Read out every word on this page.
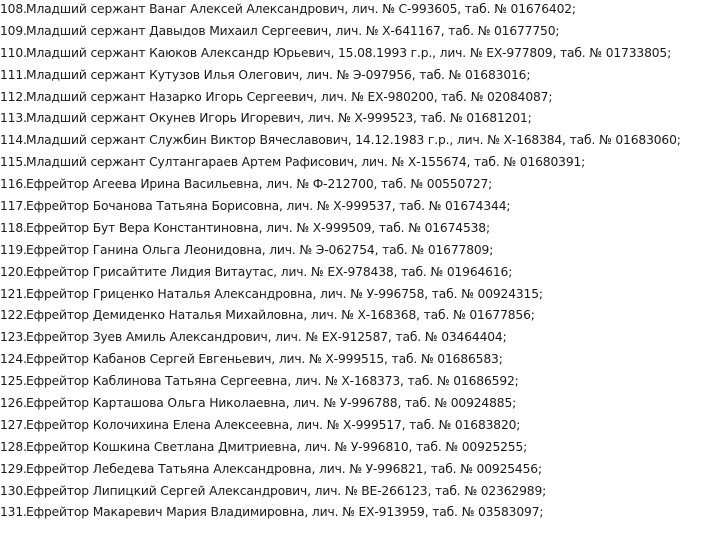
108. Младший сержант Ванаг Алексей Александрович, лич. № С-993605, таб. № 01676402;
109. Младший сержант Давыдов Михаил Сергеевич, лич. № Х-641167, таб. № 01677750;
110. Младший сержант Каюков Александр Юрьевич, 15.08.1993 г.р., лич. № ЕХ-977809, таб. № 01733805;
111. Младший сержант Кутузов Илья Олегович, лич. № Э-097956, таб. № 01683016;
112. Младший сержант Назарко Игорь Сергеевич, лич. № ЕХ-980200, таб. № 02084087;
113. Младший сержант Окунев Игорь Игоревич, лич. № Х-999523, таб. № 01681201;
114. Младший сержант Службин Виктор Вячеславович, 14.12.1983 г.р., лич. № Х-168384, таб. № 01683060;
115. Младший сержант Султангараев Артем Рафисович, лич. № Х-155674, таб. № 01680391;
116. Ефрейтор Агеева Ирина Васильевна, лич. № Ф-212700, таб. № 00550727;
117. Ефрейтор Бочанова Татьяна Борисовна, лич. № Х-999537, таб. № 01674344;
118. Ефрейтор Бут Вера Константиновна, лич. № Х-999509, таб. № 01674538;
119. Ефрейтор Ганина Ольга Леонидовна, лич. № Э-062754, таб. № 01677809;
120. Ефрейтор Грисайтите Лидия Витаутас, лич. № ЕХ-978438, таб. № 01964616;
121. Ефрейтор Гриценко Наталья Александровна, лич. № У-996758, таб. № 00924315;
122. Ефрейтор Демиденко Наталья Михайловна, лич. № Х-168368, таб. № 01677856;
123. Ефрейтор Зуев Амиль Александрович, лич. № ЕХ-912587, таб. № 03464404;
124. Ефрейтор Кабанов Сергей Евгеньевич, лич. № Х-999515, таб. № 01686583;
125. Ефрейтор Каблинова Татьяна Сергеевна, лич. № Х-168373, таб. № 01686592;
126. Ефрейтор Карташова Ольга Николаевна, лич. № У-996788, таб. № 00924885;
127. Ефрейтор Колочихина Елена Алексеевна, лич. № Х-999517, таб. № 01683820;
128. Ефрейтор Кошкина Светлана Дмитриевна, лич. № У-996810, таб. № 00925255;
129. Ефрейтор Лебедева Татьяна Александровна, лич. № У-996821, таб. № 00925456;
130. Ефрейтор Липицкий Сергей Александрович, лич. № ВЕ-266123, таб. № 02362989;
131. Ефрейтор Макаревич Мария Владимировна, лич. № ЕХ-913959, таб. № 03583097;
